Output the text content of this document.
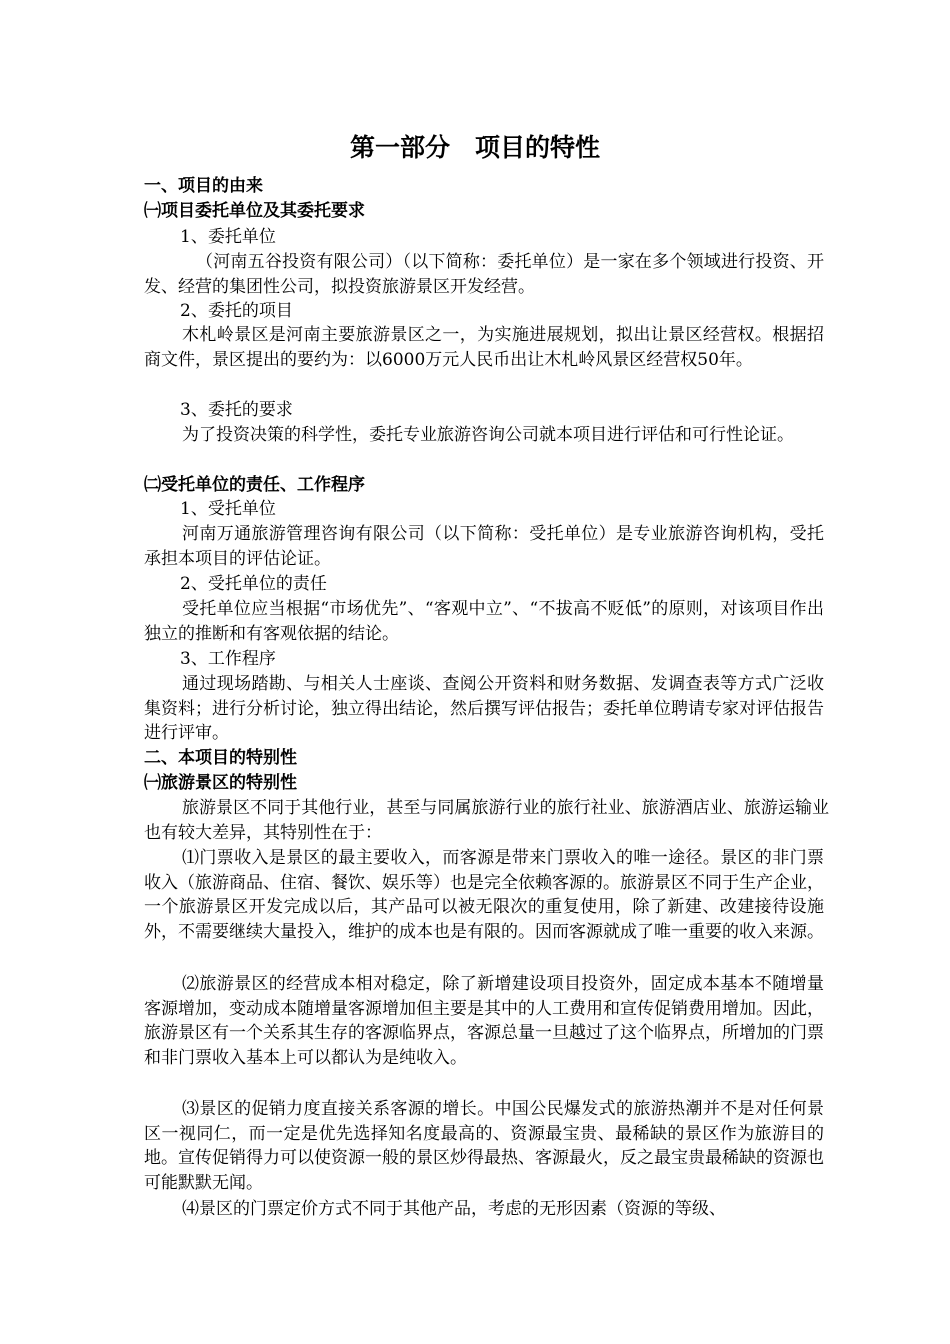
第一部分　项目的特性

一、项目的由来

㈠项目委托单位及其委托要求

1、委托单位

（河南五谷投资有限公司）（以下简称：委托单位）是一家在多个领域进行投资、开发、经营的集团性公司，拟投资旅游景区开发经营。

2、委托的项目

木札岭景区是河南主要旅游景区之一，为实施进展规划，拟出让景区经营权。根据招商文件，景区提出的要约为：以6000万元人民币出让木札岭风景区经营权50年。

3、委托的要求

为了投资决策的科学性，委托专业旅游咨询公司就本项目进行评估和可行性论证。

㈡受托单位的责任、工作程序

1、受托单位

河南万通旅游管理咨询有限公司（以下简称：受托单位）是专业旅游咨询机构，受托承担本项目的评估论证。

2、受托单位的责任

受托单位应当根据“市场优先”、“客观中立”、“不拔高不贬低”的原则，对该项目作出独立的推断和有客观依据的结论。

3、工作程序

通过现场踏勘、与相关人士座谈、查阅公开资料和财务数据、发调查表等方式广泛收集资料；进行分析讨论，独立得出结论，然后撰写评估报告；委托单位聘请专家对评估报告进行评审。

二、本项目的特别性

㈠旅游景区的特别性

旅游景区不同于其他行业，甚至与同属旅游行业的旅行社业、旅游酒店业、旅游运输业也有较大差异，其特别性在于：

⑴门票收入是景区的最主要收入，而客源是带来门票收入的唯一途径。景区的非门票收入（旅游商品、住宿、餐饮、娱乐等）也是完全依赖客源的。旅游景区不同于生产企业，一个旅游景区开发完成以后，其产品可以被无限次的重复使用，除了新建、改建接待设施外，不需要继续大量投入，维护的成本也是有限的。因而客源就成了唯一重要的收入来源。

⑵旅游景区的经营成本相对稳定，除了新增建设项目投资外，固定成本基本不随增量客源增加，变动成本随增量客源增加但主要是其中的人工费用和宣传促销费用增加。因此，旅游景区有一个关系其生存的客源临界点，客源总量一旦越过了这个临界点，所增加的门票和非门票收入基本上可以都认为是纯收入。

⑶景区的促销力度直接关系客源的增长。中国公民爆发式的旅游热潮并不是对任何景区一视同仁，而一定是优先选择知名度最高的、资源最宝贵、最稀缺的景区作为旅游目的地。宣传促销得力可以使资源一般的景区炒得最热、客源最火，反之最宝贵最稀缺的资源也可能默默无闻。

⑷景区的门票定价方式不同于其他产品，考虑的无形因素（资源的等级、
